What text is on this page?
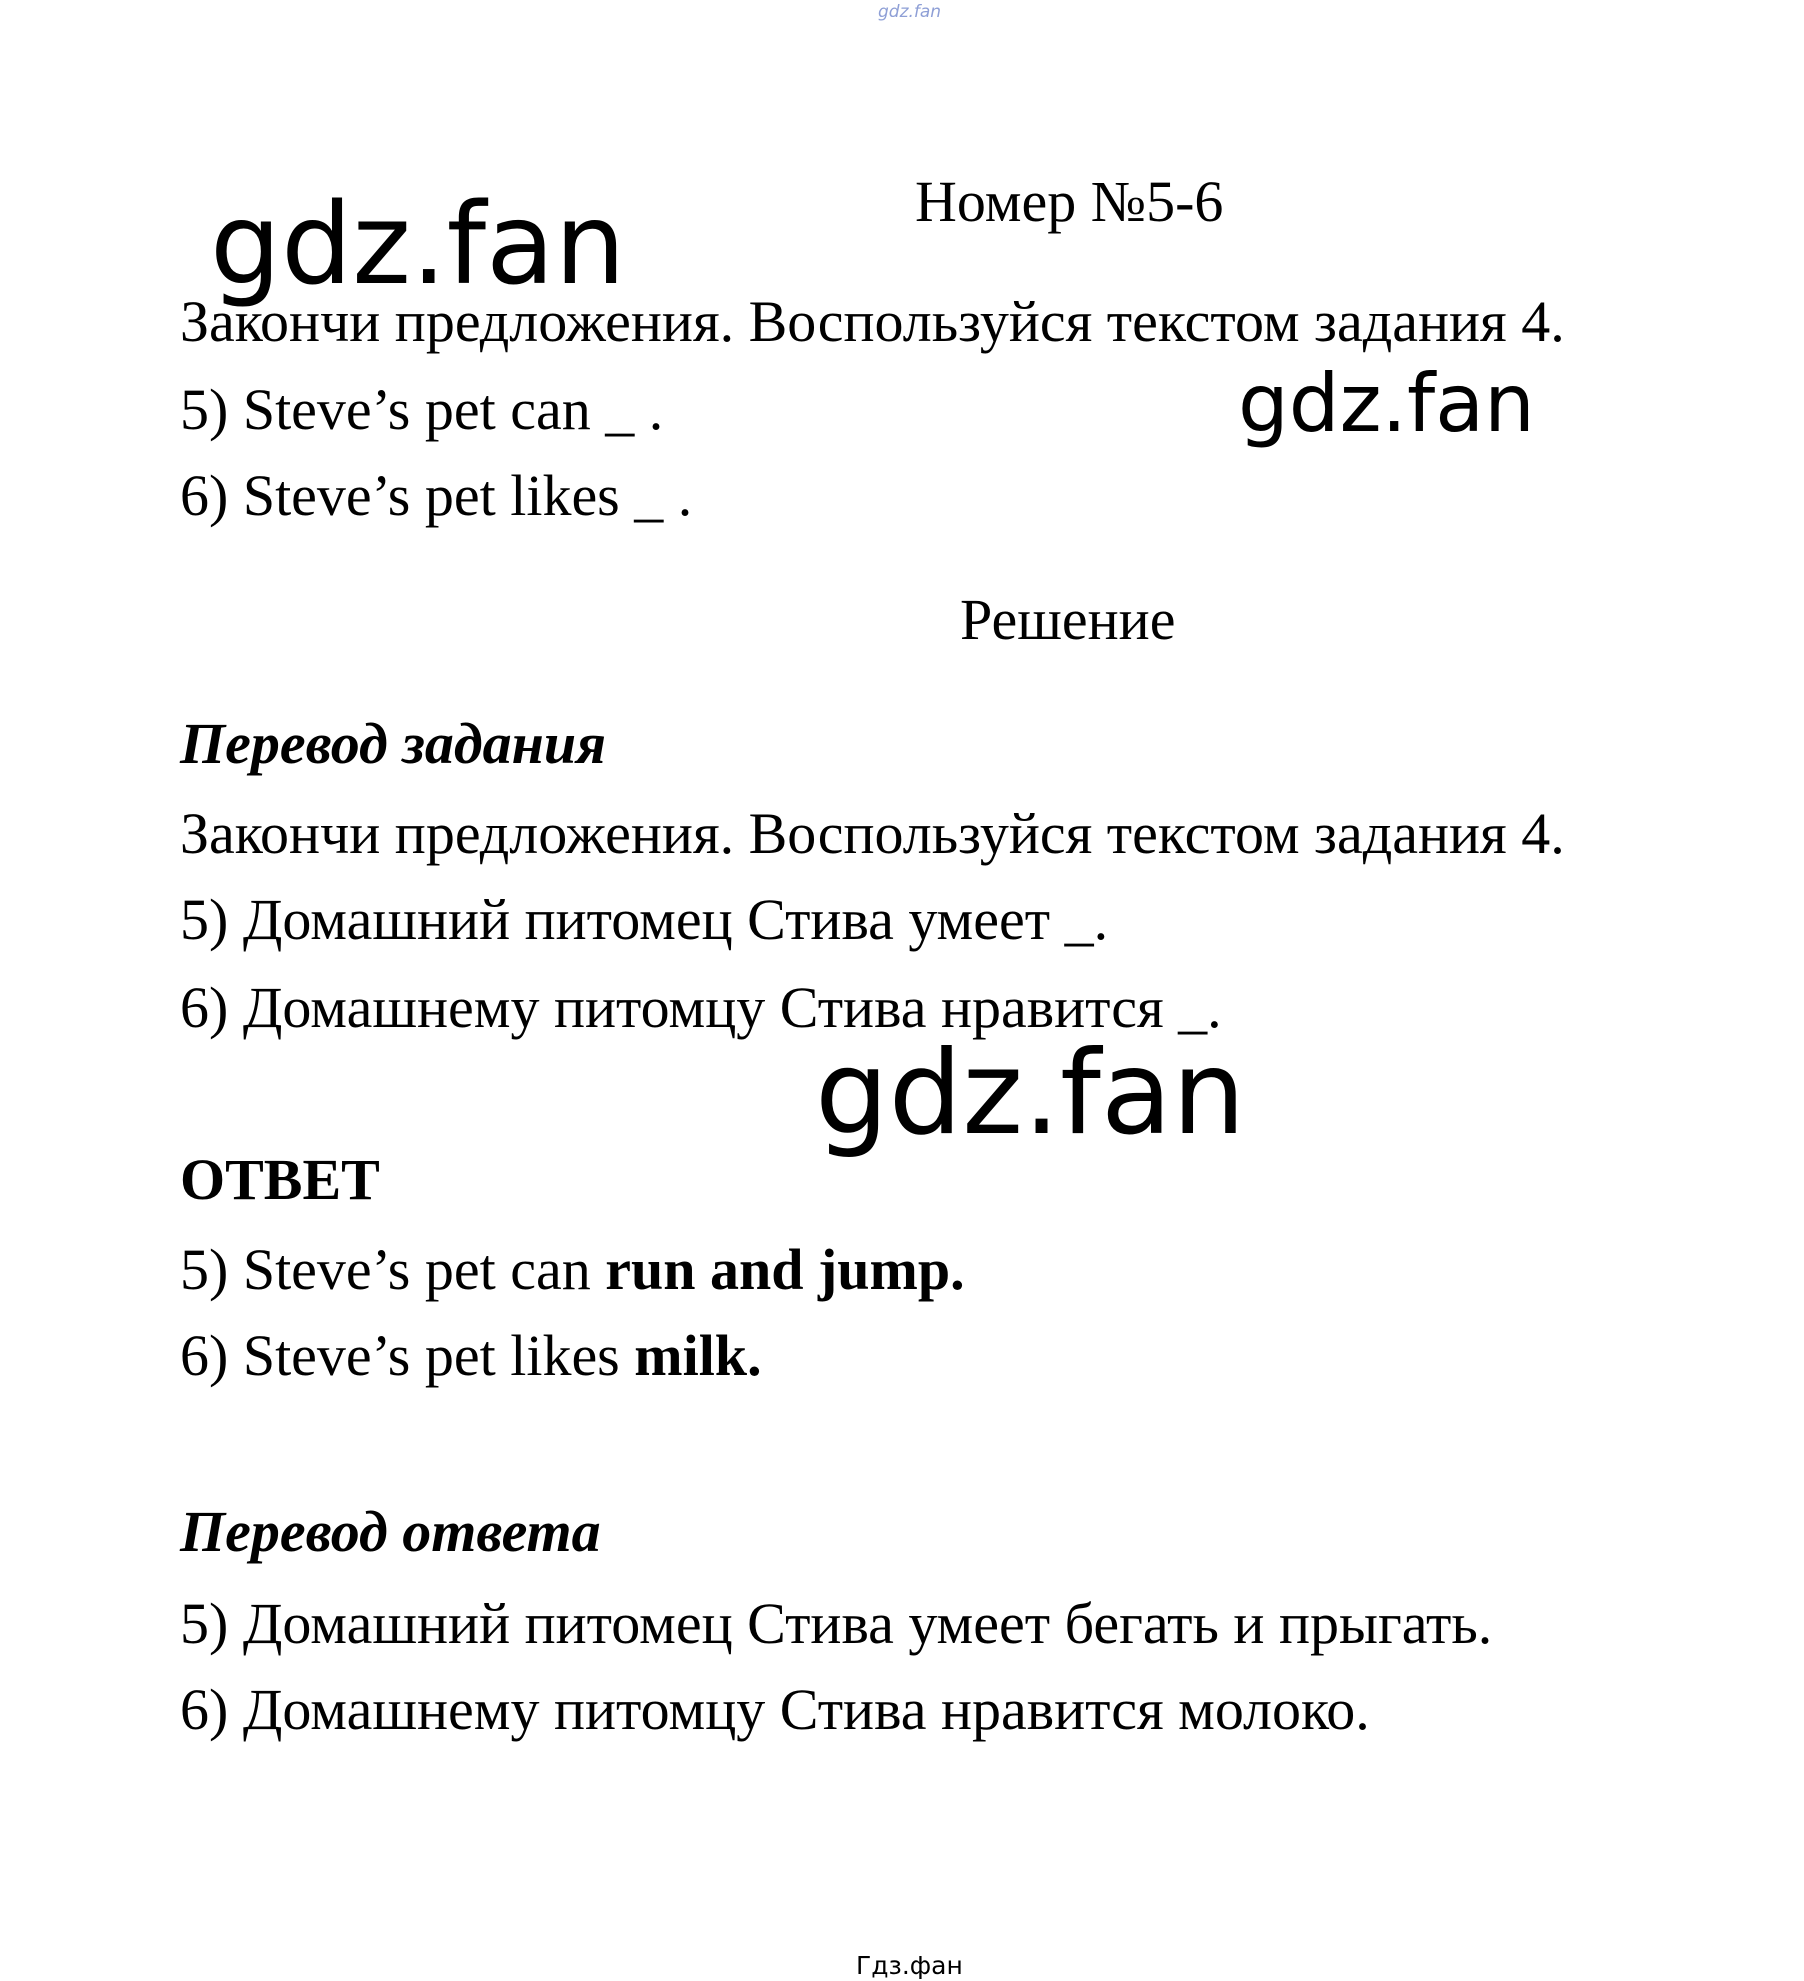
gdz.fan

Номер №5-6

gdz.fan

Закончи предложения. Воспользуйся текстом задания 4.

5) Steve’s pet can _ .	gdz.fan

6) Steve’s pet likes _ .

Решение

Перевод задания

Закончи предложения. Воспользуйся текстом задания 4.

5) Домашний питомец Стива умеет _.

6) Домашнему питомцу Стива нравится _.

gdz.fan

ОТВЕТ

5) Steve’s pet can run and jump.

6) Steve’s pet likes milk.

Перевод ответа

5) Домашний питомец Стива умеет бегать и прыгать.

6) Домашнему питомцу Стива нравится молоко.

Гдз.фан
